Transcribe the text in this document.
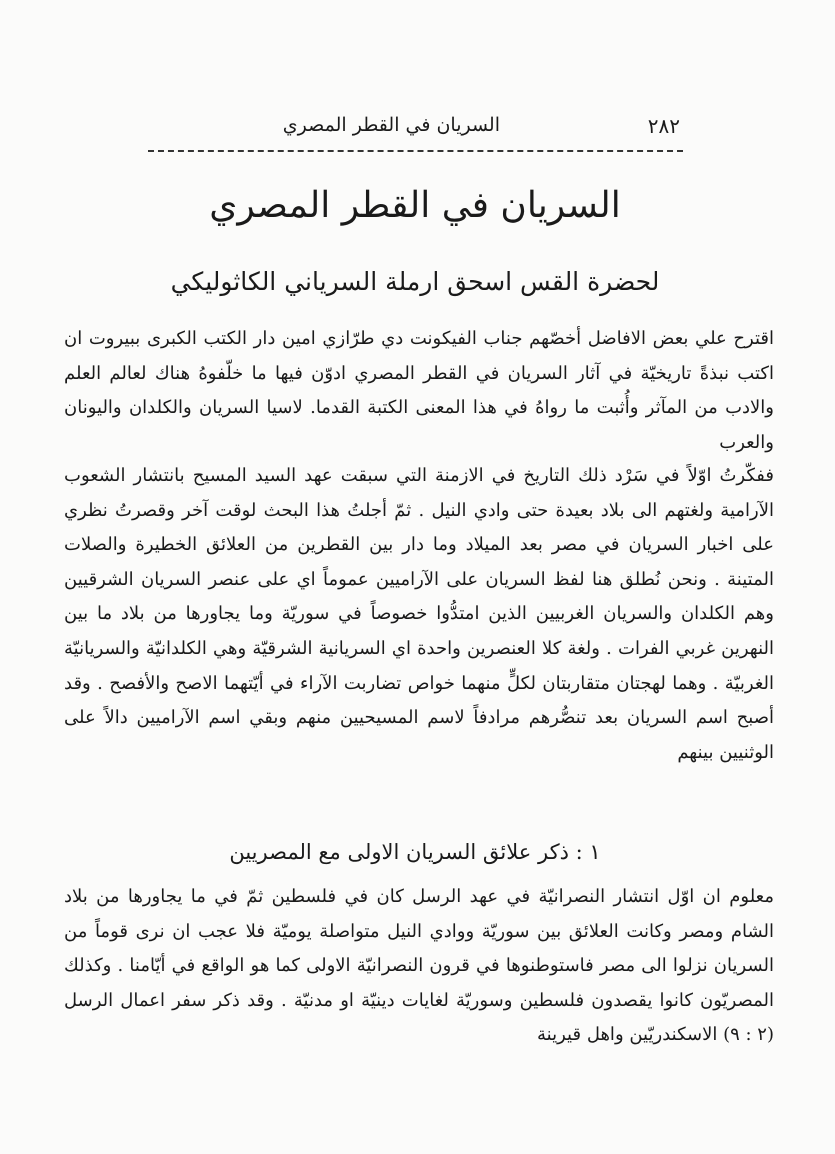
٢٨٢
السريان في القطر المصري
السريان في القطر المصري
لحضرة القس اسحق ارملة السرياني الكاثوليكي

اقترح علي بعض الافاضل أخصّهم جناب الفيكونت دي طرّازي امين دار الكتب الكبرى ببيروت ان اكتب نبذةً تاريخيّة في آثار السريان في القطر المصري ادوّن فيها ما خلّفوهُ هناك لعالم العلم والادب من المآثر وأُثبت ما رواهُ في هذا المعنى الكتبة القدما. لاسيا السريان والكلدان واليونان والعرب

ففكّرتُ اوّلاً في سَرْد ذلك التاريخ في الازمنة التي سبقت عهد السيد المسيح بانتشار الشعوب الآرامية ولغتهم الى بلاد بعيدة حتى وادي النيل . ثمّ أجلتُ هذا البحث لوقت آخر وقصرتُ نظري على اخبار السريان في مصر بعد الميلاد وما دار بين القطرين من العلائق الخطيرة والصلات المتينة . ونحن نُطلق هنا لفظ السريان على الآراميين عموماً اي على عنصر السريان الشرقيين وهم الكلدان والسريان الغربيين الذين امتدُّوا خصوصاً في سوريّة وما يجاورها من بلاد ما بين النهرين غربي الفرات . ولغة كلا العنصرين واحدة اي السريانية الشرقيّة وهي الكلدانيّة والسريانيّة الغربيّة . وهما لهجتان متقاربتان لكلٍّ منهما خواص تضاربت الآراء في أيّتهما الاصح والأفصح . وقد أصبح اسم السريان بعد تنصُّرهم مرادفاً لاسم المسيحيين منهم وبقي اسم الآراميين دالاً على الوثنيين بينهم

١ : ذكر علائق السريان الاولى مع المصريين

معلوم ان اوّل انتشار النصرانيّة في عهد الرسل كان في فلسطين ثمّ في ما يجاورها من بلاد الشام ومصر وكانت العلائق بين سوريّة ووادي النيل متواصلة يوميّة فلا عجب ان نرى قوماً من السريان نزلوا الى مصر فاستوطنوها في قرون النصرانيّة الاولى كما هو الواقع في أيّامنا . وكذلك المصريّون كانوا يقصدون فلسطين وسوريّة لغايات دينيّة او مدنيّة . وقد ذكر سفر اعمال الرسل (٢ : ٩) الاسكندريّين واهل قيرينة
